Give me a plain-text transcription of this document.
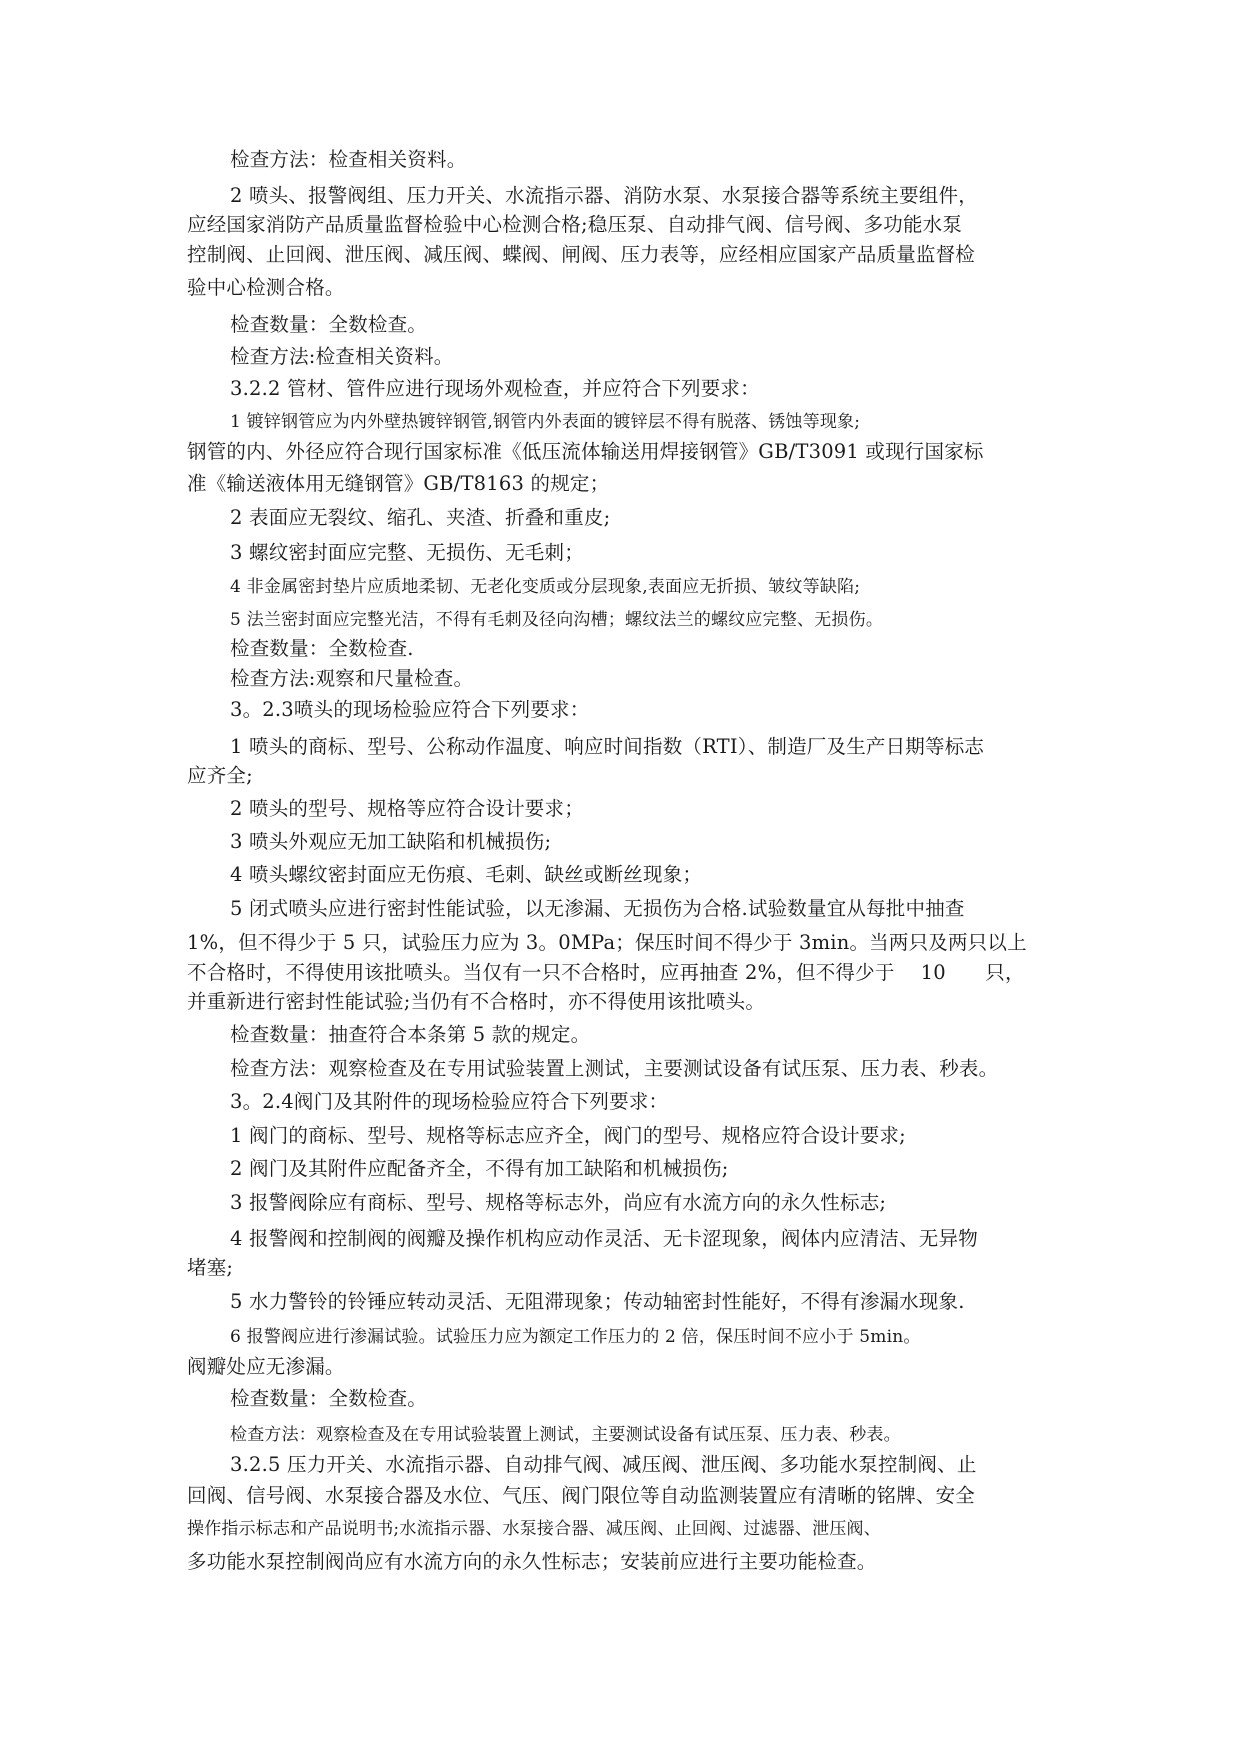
检查方法：检查相关资料。
2 喷头、报警阀组、压力开关、水流指示器、消防水泵、水泵接合器等系统主要组件，
应经国家消防产品质量监督检验中心检测合格;稳压泵、自动排气阀、信号阀、多功能水泵
控制阀、止回阀、泄压阀、减压阀、蝶阀、闸阀、压力表等，应经相应国家产品质量监督检
验中心检测合格。
检查数量：全数检查。
检查方法:检查相关资料。
3.2.2 管材、管件应进行现场外观检查，并应符合下列要求：
1 镀锌钢管应为内外壁热镀锌钢管,钢管内外表面的镀锌层不得有脱落、锈蚀等现象;
钢管的内、外径应符合现行国家标准《低压流体输送用焊接钢管》GB/T3091 或现行国家标
准《输送液体用无缝钢管》GB/T8163 的规定；
2 表面应无裂纹、缩孔、夹渣、折叠和重皮;
3 螺纹密封面应完整、无损伤、无毛刺；
4 非金属密封垫片应质地柔韧、无老化变质或分层现象,表面应无折损、皱纹等缺陷;
5 法兰密封面应完整光洁，不得有毛刺及径向沟槽；螺纹法兰的螺纹应完整、无损伤。
检查数量：全数检查.
检查方法:观察和尺量检查。
3。2.3喷头的现场检验应符合下列要求：
1 喷头的商标、型号、公称动作温度、响应时间指数（RTI）、制造厂及生产日期等标志
应齐全;
2 喷头的型号、规格等应符合设计要求；
3 喷头外观应无加工缺陷和机械损伤;
4 喷头螺纹密封面应无伤痕、毛刺、缺丝或断丝现象；
5 闭式喷头应进行密封性能试验，以无渗漏、无损伤为合格.试验数量宜从每批中抽查
1%，但不得少于 5 只，试验压力应为 3。0MPa；保压时间不得少于 3min。当两只及两只以上
不合格时，不得使用该批喷头。当仅有一只不合格时，应再抽查 2%，但不得少于　 10　　只，
并重新进行密封性能试验;当仍有不合格时，亦不得使用该批喷头。
检查数量：抽查符合本条第 5 款的规定。
检查方法：观察检查及在专用试验装置上测试，主要测试设备有试压泵、压力表、秒表。
3。2.4阀门及其附件的现场检验应符合下列要求：
1 阀门的商标、型号、规格等标志应齐全，阀门的型号、规格应符合设计要求;
2 阀门及其附件应配备齐全，不得有加工缺陷和机械损伤;
3 报警阀除应有商标、型号、规格等标志外，尚应有水流方向的永久性标志;
4 报警阀和控制阀的阀瓣及操作机构应动作灵活、无卡涩现象，阀体内应清洁、无异物
堵塞;
5 水力警铃的铃锤应转动灵活、无阻滞现象；传动轴密封性能好，不得有渗漏水现象.
6 报警阀应进行渗漏试验。试验压力应为额定工作压力的 2 倍，保压时间不应小于 5min。
阀瓣处应无渗漏。
检查数量：全数检查。
检查方法：观察检查及在专用试验装置上测试，主要测试设备有试压泵、压力表、秒表。
3.2.5 压力开关、水流指示器、自动排气阀、减压阀、泄压阀、多功能水泵控制阀、止
回阀、信号阀、水泵接合器及水位、气压、阀门限位等自动监测装置应有清晰的铭牌、安全
操作指示标志和产品说明书;水流指示器、水泵接合器、减压阀、止回阀、过滤器、泄压阀、
多功能水泵控制阀尚应有水流方向的永久性标志；安装前应进行主要功能检查。
